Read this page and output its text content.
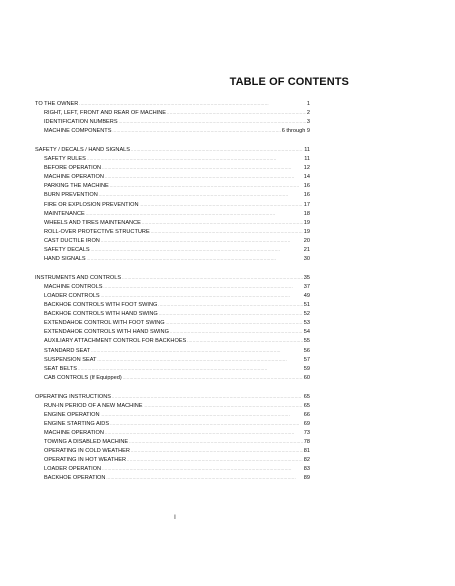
TABLE OF CONTENTS
TO THE OWNER . . .	1
RIGHT, LEFT, FRONT AND REAR OF MACHINE . . .	2
IDENTIFICATION NUMBERS . . .	3
MACHINE COMPONENTS . . .	6 through 9
SAFETY / DECALS / HAND SIGNALS . . .	11
SAFETY RULES . . .	11
BEFORE OPERATION . . .	12
MACHINE OPERATION . . .	14
PARKING THE MACHINE . . .	16
BURN PREVENTION . . .	16
FIRE OR EXPLOSION PREVENTION . . .	17
MAINTENANCE . . .	18
WHEELS AND TIRES MAINTENANCE . . .	19
ROLL-OVER PROTECTIVE STRUCTURE . . .	19
CAST DUCTILE IRON . . .	20
SAFETY DECALS . . .	21
HAND SIGNALS . . .	30
INSTRUMENTS AND CONTROLS . . .	35
MACHINE CONTROLS . . .	37
LOADER CONTROLS . . .	49
BACKHOE CONTROLS WITH FOOT SWING . . .	51
BACKHOE CONTROLS WITH HAND SWING . . .	52
EXTENDAHOE CONTROL WITH FOOT SWING . . .	53
EXTENDAHOE CONTROLS WITH HAND SWING . . .	54
AUXILIARY ATTACHMENT CONTROL FOR BACKHOES . . .	55
STANDARD SEAT . . .	56
SUSPENSION SEAT . . .	57
SEAT BELTS . . .	59
CAB CONTROLS (If Equipped) . . .	60
OPERATING INSTRUCTIONS . . .	65
RUN-IN PERIOD OF A NEW MACHINE . . .	65
ENGINE OPERATION . . .	66
ENGINE STARTING AIDS . . .	69
MACHINE OPERATION . . .	73
TOWING A DISABLED MACHINE . . .	78
OPERATING IN COLD WEATHER . . .	81
OPERATING IN HOT WEATHER . . .	82
LOADER OPERATION . . .	83
BACKHOE OPERATION . . .	89
I
